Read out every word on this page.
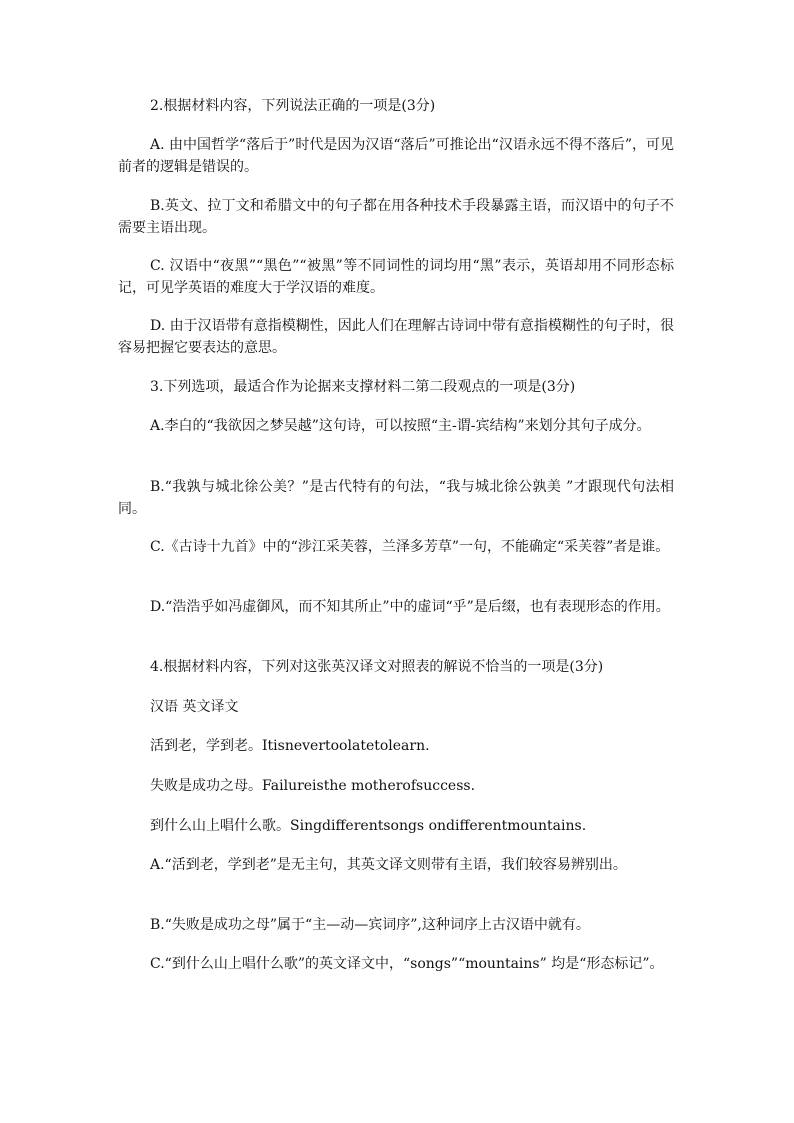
2.根据材料内容，下列说法正确的一项是(3分)

A. 由中国哲学“落后于”时代是因为汉语“落后”可推论出“汉语永远不得不落后”，可见前者的逻辑是错误的。

B.英文、拉丁文和希腊文中的句子都在用各种技术手段暴露主语，而汉语中的句子不需要主语出现。

C. 汉语中“夜黑”“黑色”“被黑”等不同词性的词均用“黑”表示，英语却用不同形态标记，可见学英语的难度大于学汉语的难度。

D. 由于汉语带有意指模糊性，因此人们在理解古诗词中带有意指模糊性的句子时，很容易把握它要表达的意思。

3.下列选项，最适合作为论据来支撑材料二第二段观点的一项是(3分)

A.李白的“我欲因之梦吴越”这句诗，可以按照“主-谓-宾结构”来划分其句子成分。

B.“我孰与城北徐公美？”是古代特有的句法，“我与城北徐公孰美 ”才跟现代句法相同。

C.《古诗十九首》中的“涉江采芙蓉，兰泽多芳草”一句，不能确定“采芙蓉”者是谁。

D.“浩浩乎如冯虚御风，而不知其所止”中的虚词“乎”是后缀，也有表现形态的作用。

4.根据材料内容，下列对这张英汉译文对照表的解说不恰当的一项是(3分)

汉语 英文译文

活到老，学到老。Itisnevertoolatetolearn.

失败是成功之母。Failureisthe motherofsuccess.

到什么山上唱什么歌。Singdifferentsongs ondifferentmountains.

A.“活到老，学到老”是无主句，其英文译文则带有主语，我们较容易辨别出。

B.“失败是成功之母”属于“主—动—宾词序”,这种词序上古汉语中就有。

C.“到什么山上唱什么歌”的英文译文中，“songs”“mountains” 均是“形态标记”。
